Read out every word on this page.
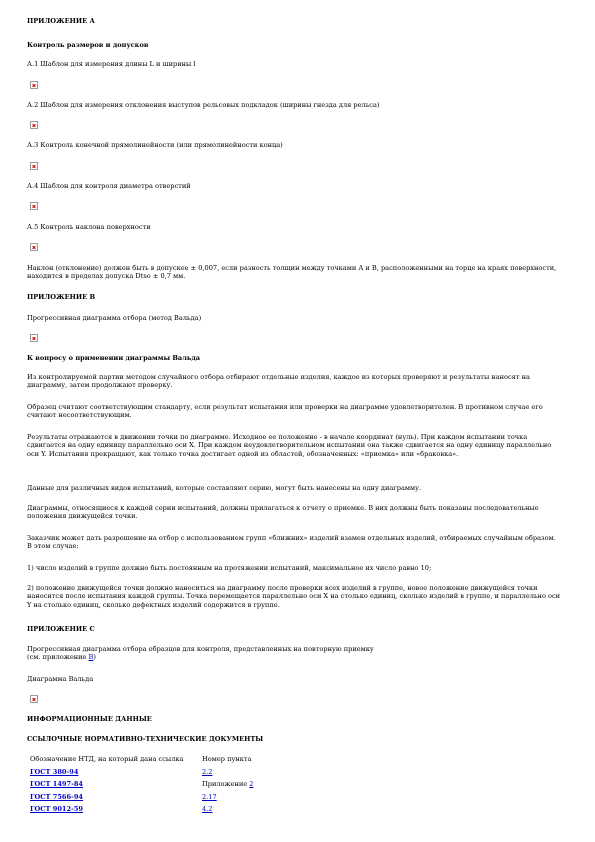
ПРИЛОЖЕНИЕ А

Контроль размеров и допусков

А.1 Шаблон для измерения длины L и ширины l

А.2 Шаблон для измерения отклонения выступов рельсовых подкладок (ширины гнезда для рельса)

А.3 Контроль конечной прямолинейности (или прямолинейности конца)

А.4 Шаблон для контроля диаметра отверстий

А.5 Контроль наклона поверхности

Наклон (отклонение) должен быть в допускее ± 0,007, если разность толщин между точками А и В, расположенными на торце на краях поверхности, находится в пределах допуска Dtso ± 0,7 мм.

ПРИЛОЖЕНИЕ В

Прогрессивная диаграмма отбора (метод Вальда)

К вопросу о применении диаграммы Вальда

Из контролируемой партии методом случайного отбора отбирают отдельные изделия, каждое из которых проверяют и результаты наносят на диаграмму, затем продолжают проверку.

Образец считают соответствующим стандарту, если результат испытания или проверки на диаграмме удовлетворителен. В противном случае его считают несоответствующим.

Результаты отражаются в движении точки по диаграмме. Исходное ее положение - в начале координат (нуль). При каждом испытании точка сдвигается на одну единицу параллельно оси Х. При каждом неудовлетворительном испытании она также сдвигается на одну единицу параллельно оси Y. Испытания прекращают, как только точка достигает одной из областей, обозначенных: «приемка» или «браковка».

Данные для различных видов испытаний, которые составляют серию, могут быть нанесены на одну диаграмму.

Диаграммы, относящиеся к каждой серии испытаний, должны прилагаться к отчету о приемке. В них должны быть показаны последовательные положения движущейся точки.

Заказчик может дать разрешение на отбор с использованием групп «ближних» изделий взамен отдельных изделий, отбираемых случайным образом. В этом случае:

1) число изделий в группе должно быть постоянным на протяжении испытаний, максимальное их число равно 10;

2) положение движущейся точки должно наноситься на диаграмму после проверки всех изделий в группе, новое положение движущейся точки наносится после испытания каждой группы. Точка перемещается параллельно оси Х на столько единиц, сколько изделий в группе, и параллельно оси Y на столько единиц, сколько дефектных изделий содержится в группе.

ПРИЛОЖЕНИЕ С

Прогрессивная диаграмма отбора образцов для контроля, представленных на повторную приемку
(см. приложение В)

Диаграмма Вальда

ИНФОРМАЦИОННЫЕ ДАННЫЕ

ССЫЛОЧНЫЕ НОРМАТИВНО-ТЕХНИЧЕСКИЕ ДОКУМЕНТЫ

Обозначение НТД, на который дана ссылка	Номер пункта
ГОСТ 380-94	2.2
ГОСТ 1497-84	Приложение 2
ГОСТ 7566-94	2.17
ГОСТ 9012-59	4.2
